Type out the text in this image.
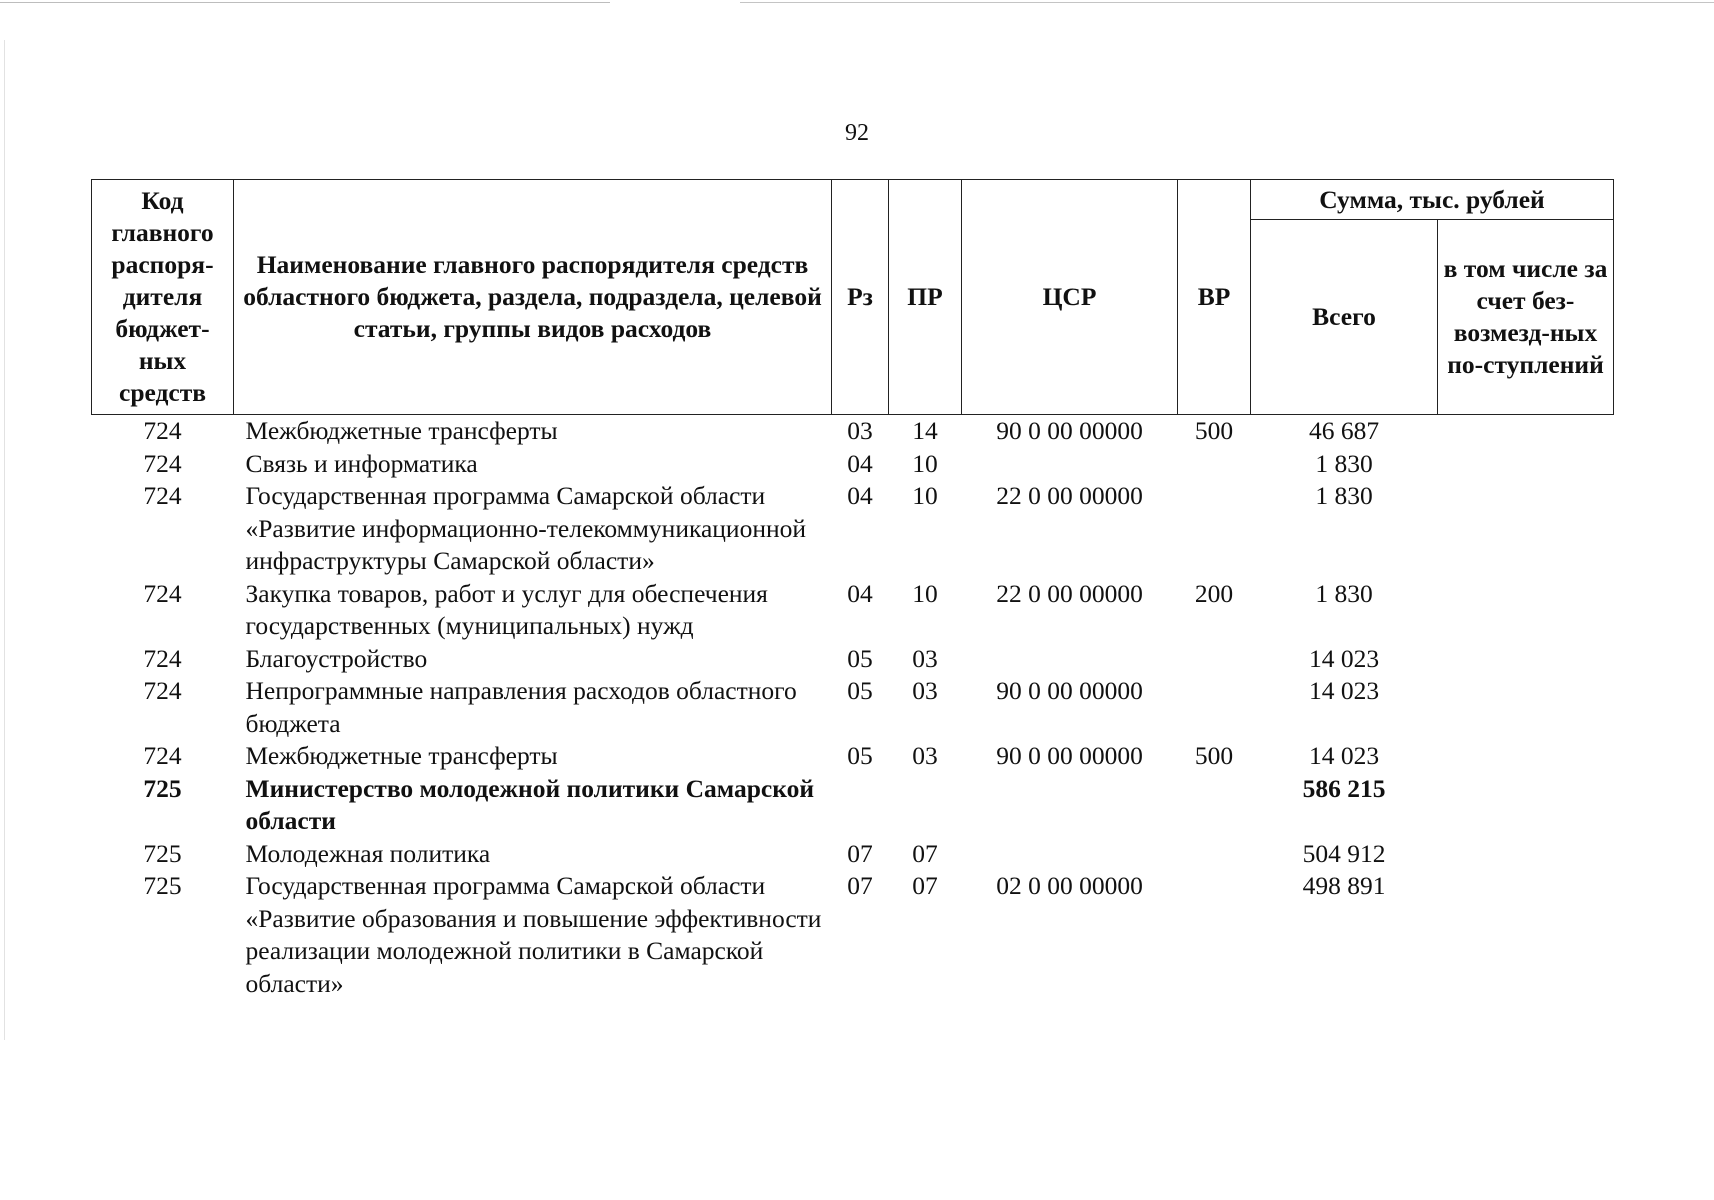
92
Код главного распоря-дителя бюджет-ных средств	Наименование главного распорядителя средств областного бюджета, раздела, подраздела, целевой статьи, группы видов расходов	Рз	ПР	ЦСР	ВР	Сумма, тыс. рублей	
						Всего	в том числе за счет без-возмезд-ных по-ступлений
724	Межбюджетные трансферты	03	14	90 0 00 00000	500	46 687	
724	Связь и информатика	04	10			1 830	
724	Государственная программа Самарской области «Развитие информационно-телекоммуникационной инфраструктуры Самарской области»	04	10	22 0 00 00000		1 830	
724	Закупка товаров, работ и услуг для обеспечения государственных (муниципальных) нужд	04	10	22 0 00 00000	200	1 830	
724	Благоустройство	05	03			14 023	
724	Непрограммные направления расходов областного бюджета	05	03	90 0 00 00000		14 023	
724	Межбюджетные трансферты	05	03	90 0 00 00000	500	14 023	
725	Министерство молодежной политики Самарской области					586 215	
725	Молодежная политика	07	07			504 912	
725	Государственная программа Самарской области «Развитие образования и повышение эффективности реализации молодежной политики в Самарской области»	07	07	02 0 00 00000		498 891	
